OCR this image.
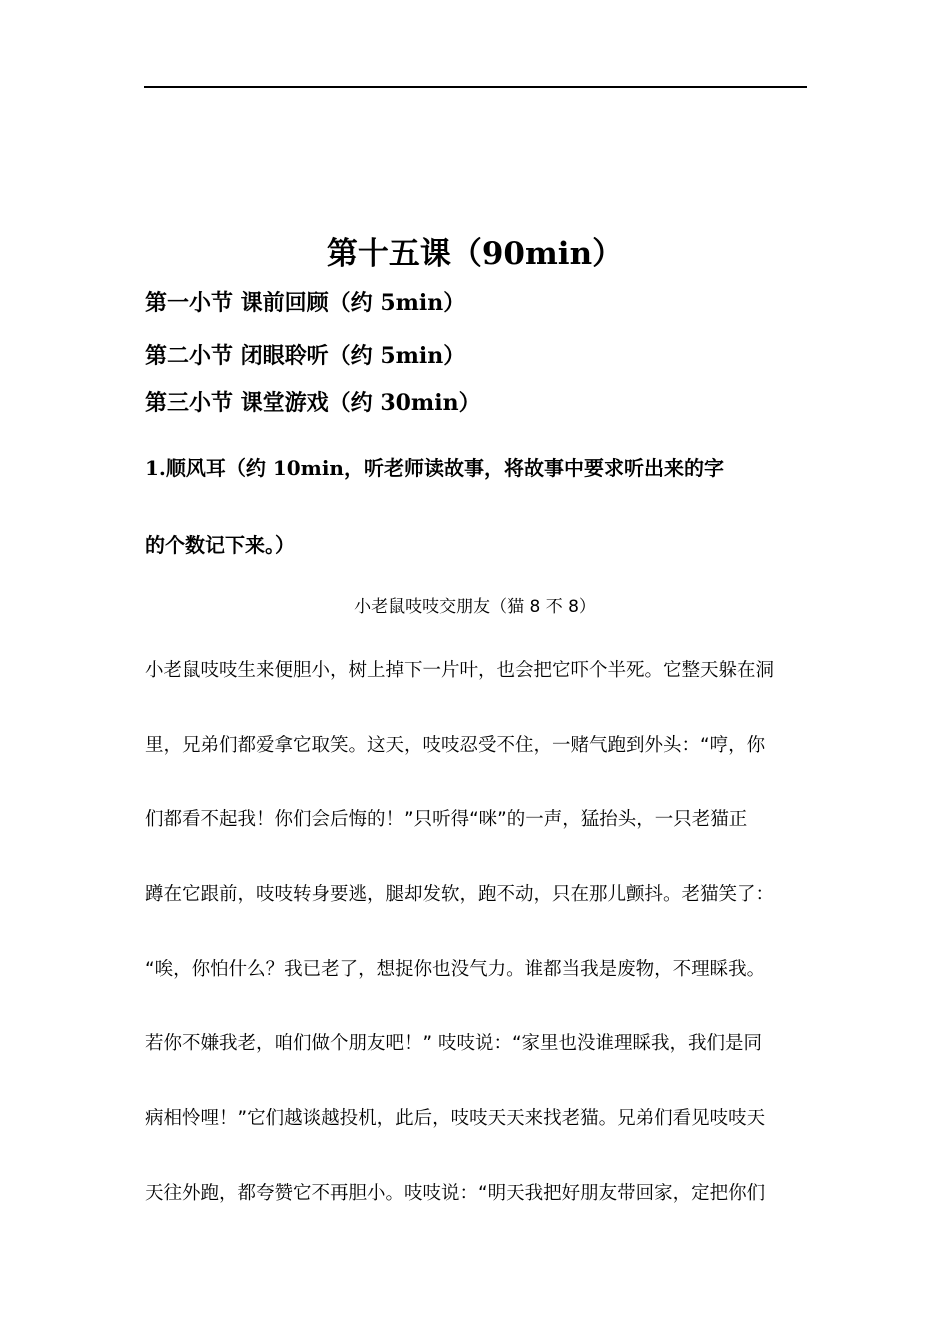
第十五课（90min）
第一小节 课前回顾（约 5min）
第二小节 闭眼聆听（约 5min）
第三小节 课堂游戏（约 30min）
1.顺风耳（约 10min，听老师读故事，将故事中要求听出来的字
的个数记下来。）
小老鼠吱吱交朋友（猫 8 不 8）
小老鼠吱吱生来便胆小，树上掉下一片叶，也会把它吓个半死。它整天躲在洞
里，兄弟们都爱拿它取笑。这天，吱吱忍受不住，一赌气跑到外头：“哼，你
们都看不起我！你们会后悔的！”只听得“咪”的一声，猛抬头，一只老猫正
蹲在它跟前，吱吱转身要逃，腿却发软，跑不动，只在那儿颤抖。老猫笑了：
“唉，你怕什么？我已老了，想捉你也没气力。谁都当我是废物，不理睬我。
若你不嫌我老，咱们做个朋友吧！” 吱吱说：“家里也没谁理睬我，我们是同
病相怜哩！”它们越谈越投机，此后，吱吱天天来找老猫。兄弟们看见吱吱天
天往外跑，都夸赞它不再胆小。吱吱说：“明天我把好朋友带回家，定把你们
